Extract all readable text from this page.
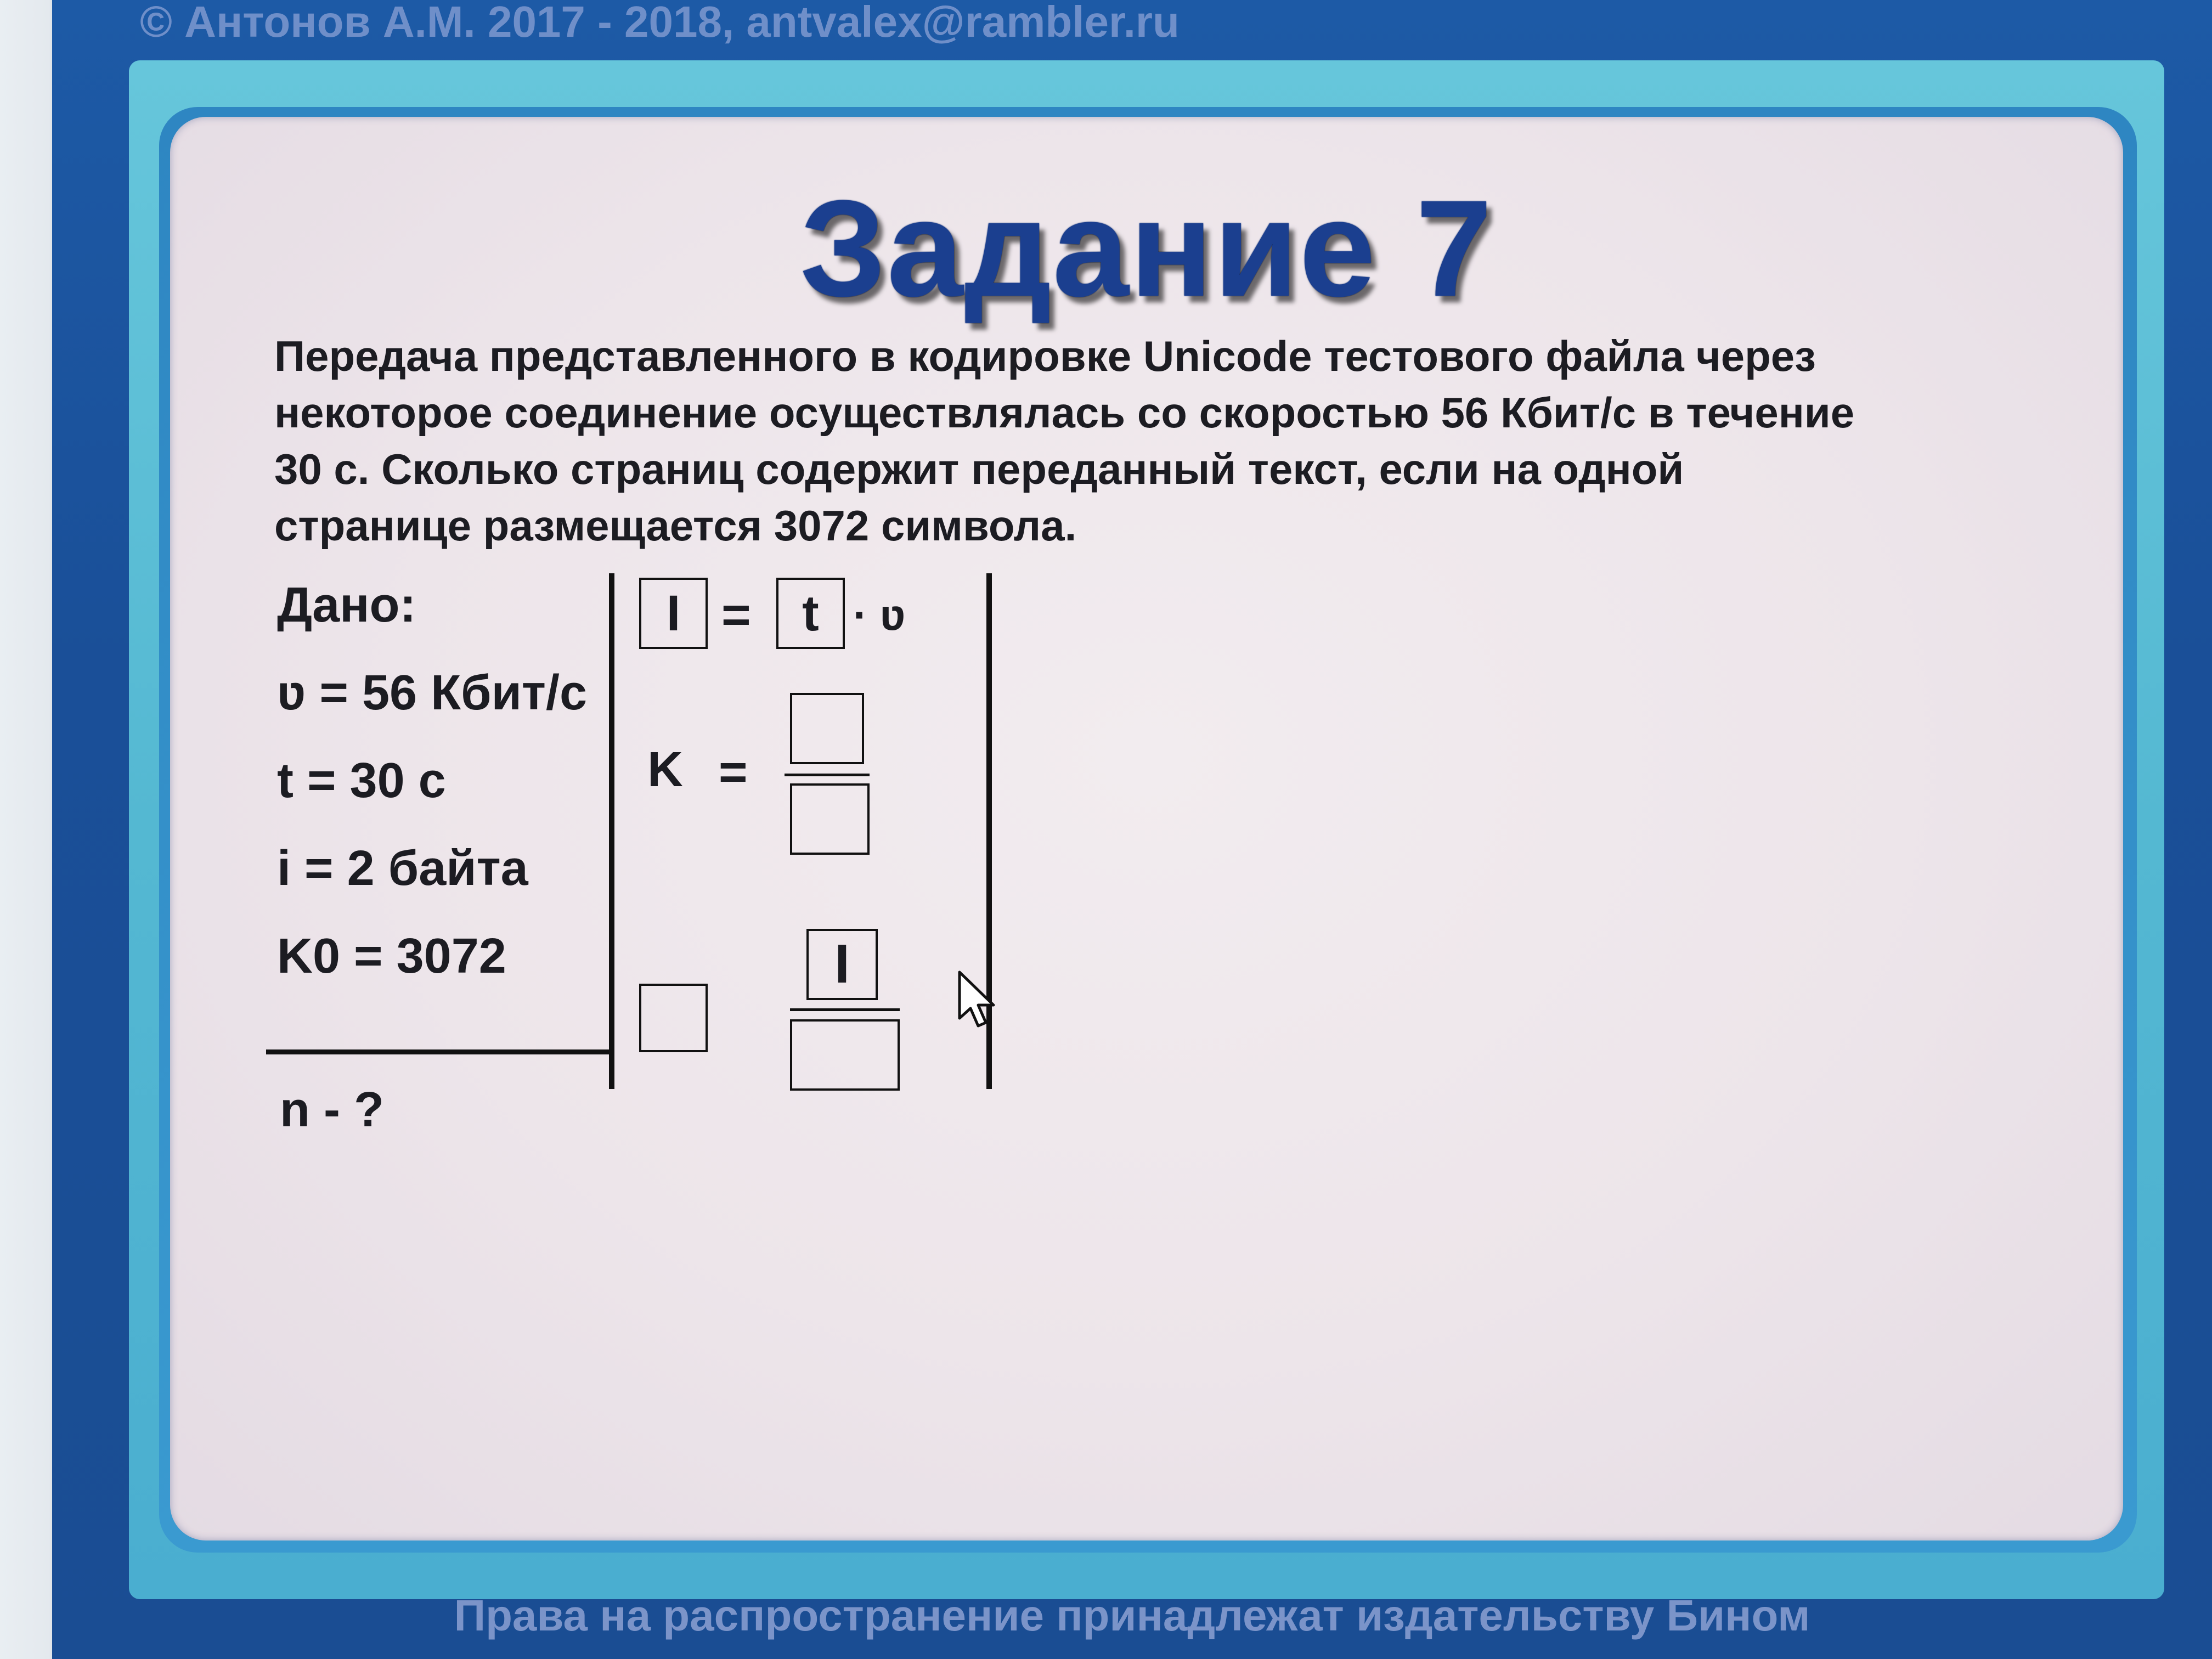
© Антонов А.М. 2017 - 2018, antvalex@rambler.ru
Задание 7
Передача представленного в кодировке Unicode тестового файла через
некоторое соединение осуществлялась со скоростью 56 Кбит/с в течение
30 с. Сколько страниц содержит переданный текст, если на одной
странице размещается 3072 символа.
Дано:
ʋ = 56 Кбит/с
t = 30 с
i = 2 байта
K0 = 3072
n - ?
I =	t · ʋ
K =
I
Права на распространение принадлежат издательству Бином
